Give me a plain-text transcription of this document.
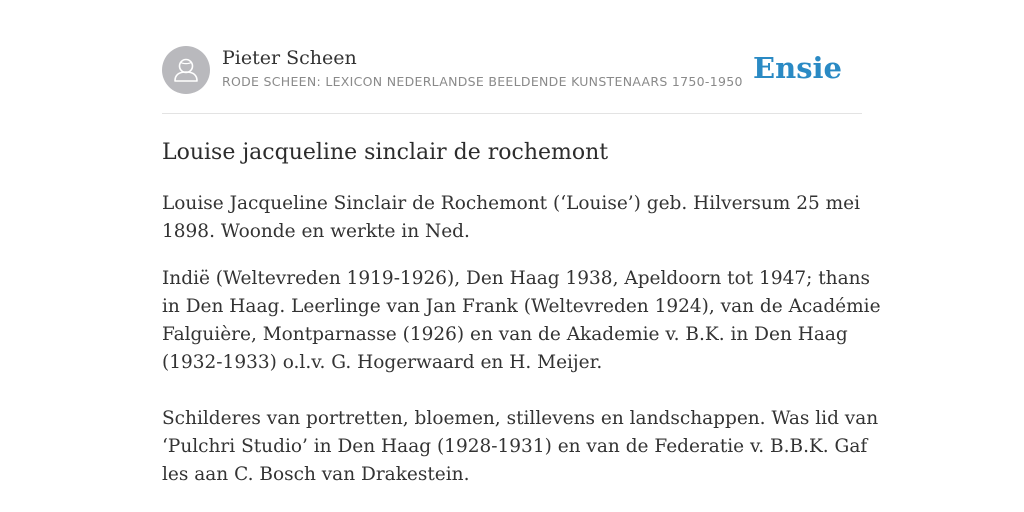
Pieter Scheen
RODE SCHEEN: LEXICON NEDERLANDSE BEELDENDE KUNSTENAARS 1750-1950 Ensie
Louise jacqueline sinclair de rochemont

Louise Jacqueline Sinclair de Rochemont (‘Louise’) geb. Hilversum 25 mei 1898. Woonde en werkte in Ned.

Indië (Weltevreden 1919-1926), Den Haag 1938, Apeldoorn tot 1947; thans in Den Haag. Leerlinge van Jan Frank (Weltevreden 1924), van de Académie Falguière, Montparnasse (1926) en van de Akademie v. B.K. in Den Haag (1932-1933) o.l.v. G. Hogerwaard en H. Meijer.

Schilderes van portretten, bloemen, stillevens en landschappen. Was lid van ‘Pulchri Studio’ in Den Haag (1928-1931) en van de Federatie v. B.B.K. Gaf les aan C. Bosch van Drakestein.
